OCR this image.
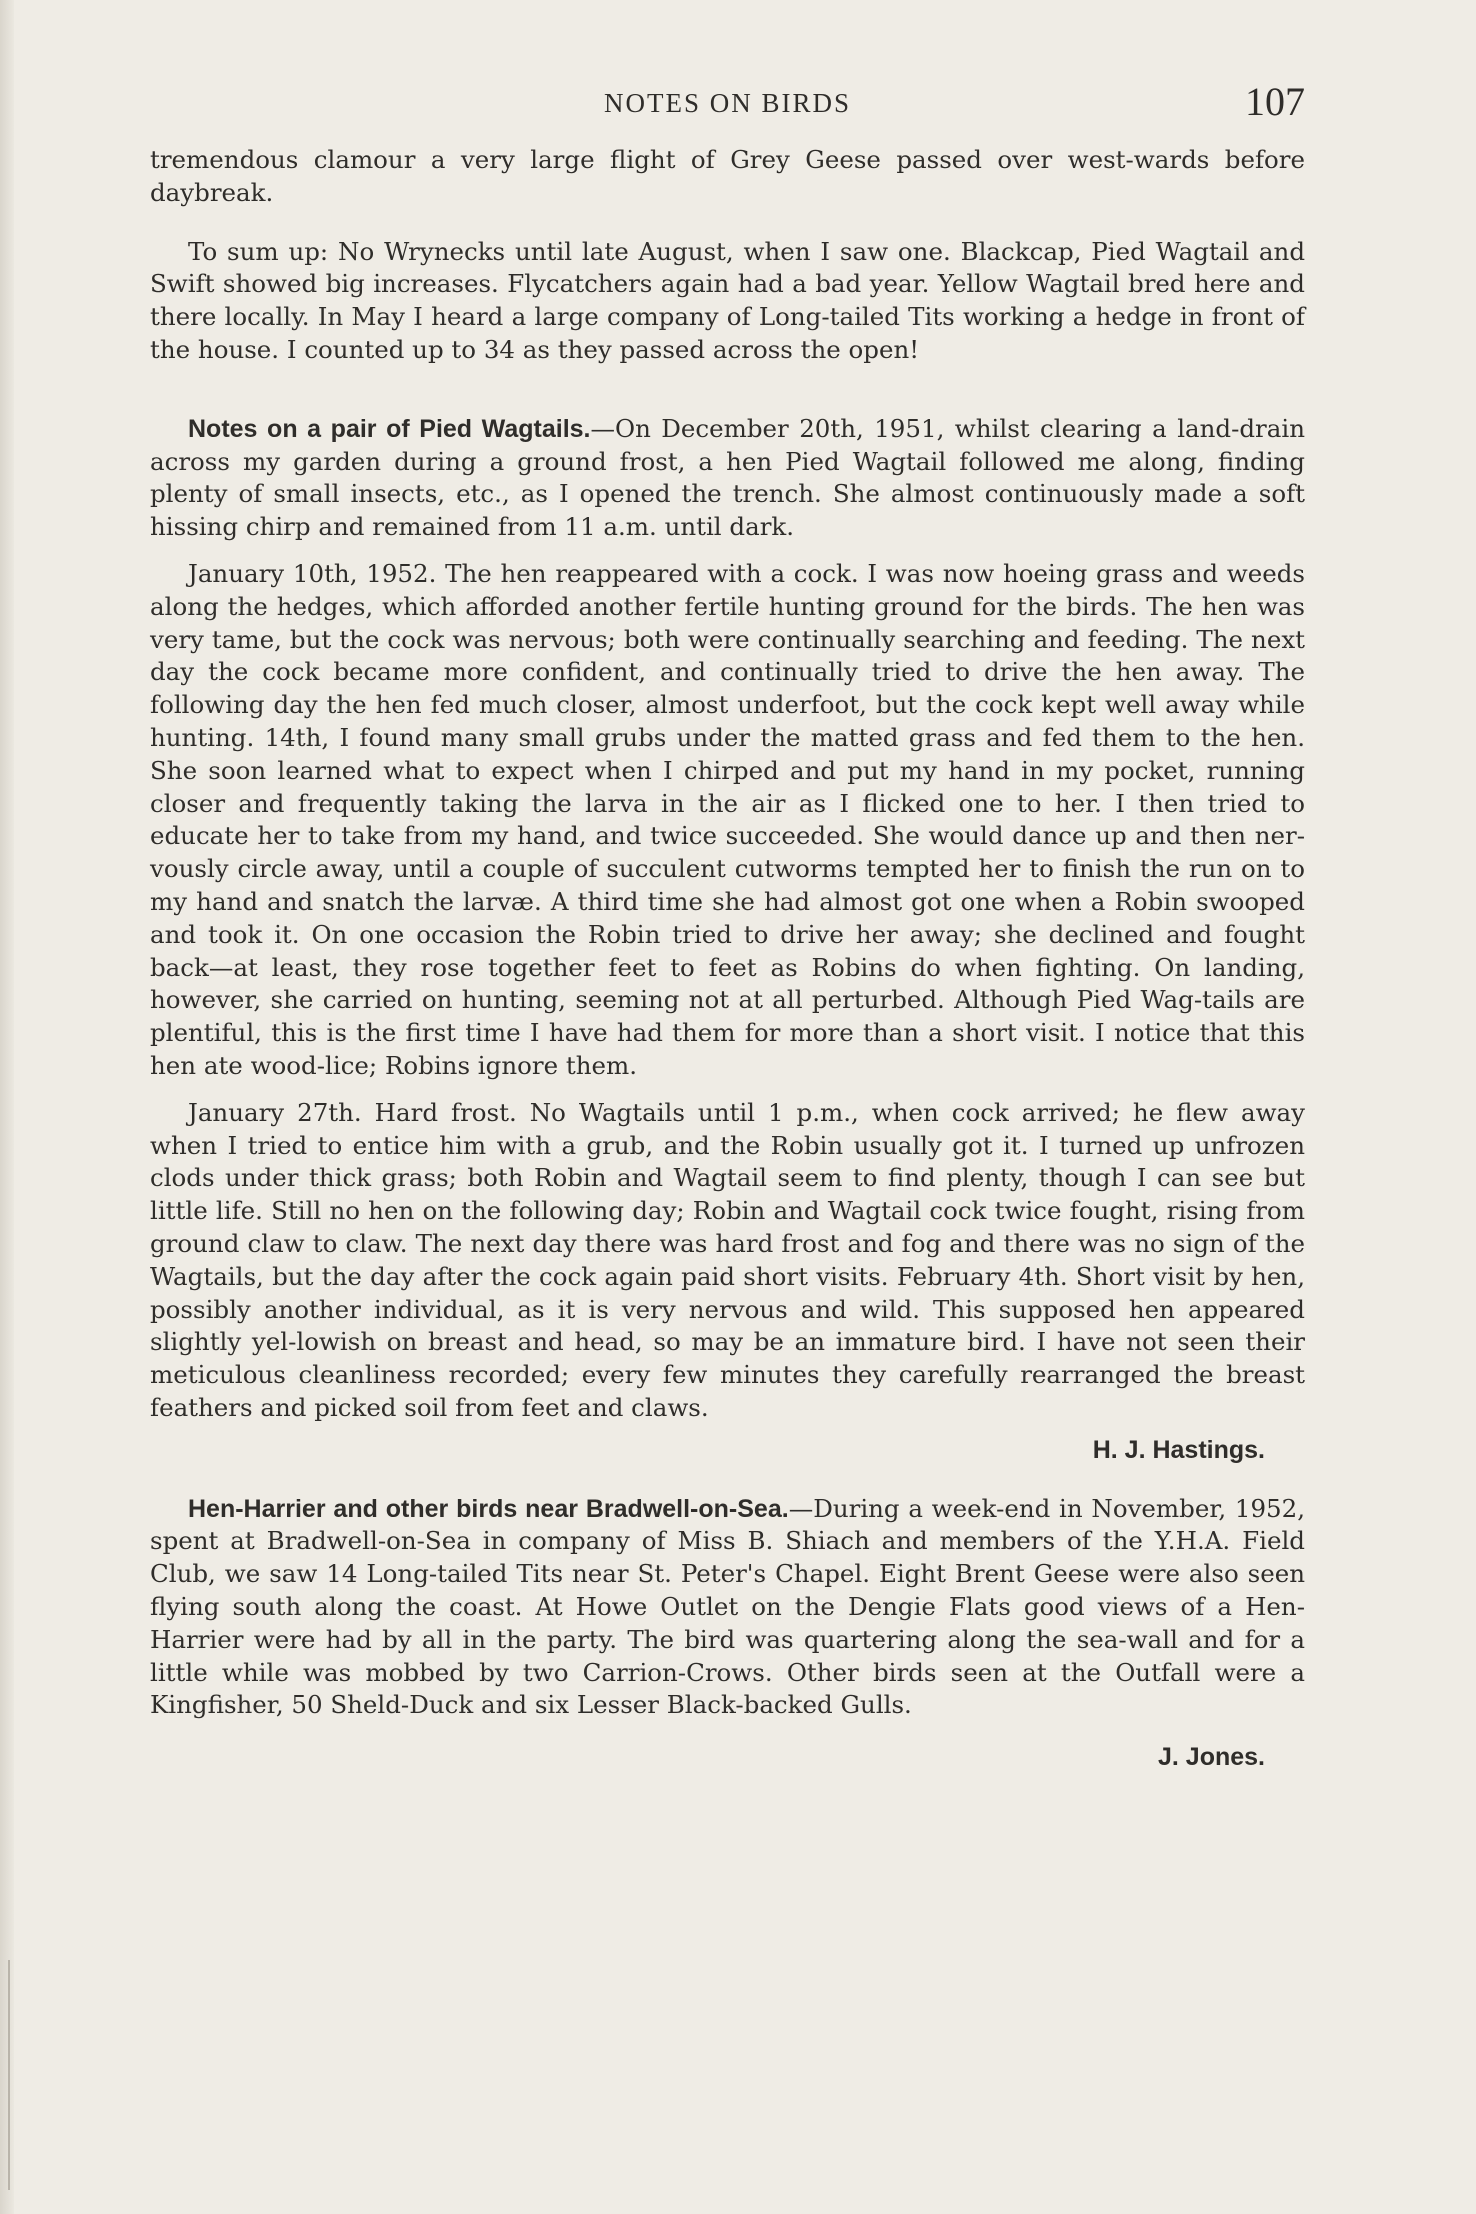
NOTES ON BIRDS	107

tremendous clamour a very large flight of Grey Geese passed over west-wards before daybreak.

To sum up: No Wrynecks until late August, when I saw one. Blackcap, Pied Wagtail and Swift showed big increases. Flycatchers again had a bad year. Yellow Wagtail bred here and there locally. In May I heard a large company of Long-tailed Tits working a hedge in front of the house. I counted up to 34 as they passed across the open!

Notes on a pair of Pied Wagtails.—On December 20th, 1951, whilst clearing a land-drain across my garden during a ground frost, a hen Pied Wagtail followed me along, finding plenty of small insects, etc., as I opened the trench. She almost continuously made a soft hissing chirp and remained from 11 a.m. until dark.

January 10th, 1952. The hen reappeared with a cock. I was now hoeing grass and weeds along the hedges, which afforded another fertile hunting ground for the birds. The hen was very tame, but the cock was nervous; both were continually searching and feeding. The next day the cock became more confident, and continually tried to drive the hen away. The following day the hen fed much closer, almost underfoot, but the cock kept well away while hunting. 14th, I found many small grubs under the matted grass and fed them to the hen. She soon learned what to expect when I chirped and put my hand in my pocket, running closer and frequently taking the larva in the air as I flicked one to her. I then tried to educate her to take from my hand, and twice succeeded. She would dance up and then ner-vously circle away, until a couple of succulent cutworms tempted her to finish the run on to my hand and snatch the larvæ. A third time she had almost got one when a Robin swooped and took it. On one occasion the Robin tried to drive her away; she declined and fought back—at least, they rose together feet to feet as Robins do when fighting. On landing, however, she carried on hunting, seeming not at all perturbed. Although Pied Wag-tails are plentiful, this is the first time I have had them for more than a short visit. I notice that this hen ate wood-lice; Robins ignore them.

January 27th. Hard frost. No Wagtails until 1 p.m., when cock arrived; he flew away when I tried to entice him with a grub, and the Robin usually got it. I turned up unfrozen clods under thick grass; both Robin and Wagtail seem to find plenty, though I can see but little life. Still no hen on the following day; Robin and Wagtail cock twice fought, rising from ground claw to claw. The next day there was hard frost and fog and there was no sign of the Wagtails, but the day after the cock again paid short visits. February 4th. Short visit by hen, possibly another individual, as it is very nervous and wild. This supposed hen appeared slightly yel-lowish on breast and head, so may be an immature bird. I have not seen their meticulous cleanliness recorded; every few minutes they carefully rearranged the breast feathers and picked soil from feet and claws.

H. J. Hastings.

Hen-Harrier and other birds near Bradwell-on-Sea.—During a week-end in November, 1952, spent at Bradwell-on-Sea in company of Miss B. Shiach and members of the Y.H.A. Field Club, we saw 14 Long-tailed Tits near St. Peter's Chapel. Eight Brent Geese were also seen flying south along the coast. At Howe Outlet on the Dengie Flats good views of a Hen-Harrier were had by all in the party. The bird was quartering along the sea-wall and for a little while was mobbed by two Carrion-Crows. Other birds seen at the Outfall were a Kingfisher, 50 Sheld-Duck and six Lesser Black-backed Gulls.

J. Jones.
